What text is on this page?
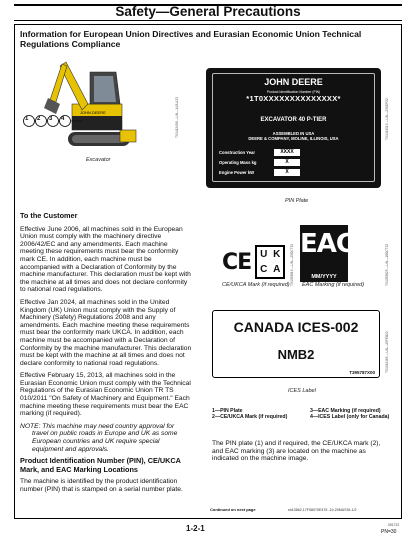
Safety—General Precautions
Information for European Union Directives and Eurasian Economic Union Technical Regulations Compliance
JOHN DEERE
1 2 3 4
Excavator
TX1412458 —UN—14JUL22
JOHN DEERE
Product Identification Number (PIN)
*1T0XXXXXXXXXXXXXX*
EXCAVATOR 40 P-TIER
ASSEMBLED IN USA
DEERE & COMPANY, MOLINE, ILLINOIS, USA
Construction Year	XXXX
Operating Mass kg	X
Engine Power kW	X
PIN Plate
TX1413019 —UN—23SEP22
CE U K
C A
CE/UKCA Mark (if required) TX1353819 —UN—25OCT22 EAC
MM/YYYY
EAC Marking (if required)	TX1353825 —UN—18OCT22
CANADA ICES-002
NMB2
T395787X00
ICES Label
TX1342465 —UN—25FEB22
1—PIN Plate
2—CE/UKCA Mark (if required)
3—EAC Marking (if required)
4—ICES Label (only for Canada)
The PIN plate (1) and if required, the CE/UKCA mark (2), and EAC marking (3) are located on the machine as indicated on the machine image.
To the Customer
Effective June 2006, all machines sold in the European Union must comply with the machinery directive 2006/42/EC and any amendments. Each machine meeting these requirements must bear the conformity mark CE. In addition, each machine must be accompanied with a Declaration of Conformity by the machine manufacturer. This declaration must be kept with the machine at all times and does not declare conformity to national road regulations.
Effective Jan 2024, all machines sold in the United Kingdom (UK) Union must comply with the Supply of Machinery (Safety) Regulations 2008 and any amendments. Each machine meeting these requirements must bear the conformity mark UKCA. In addition, each machine must be accompanied with a Declaration of Conformity by the machine manufacturer. This declaration must be kept with the machine at all times and does not declare conformity to national road regulations.
Effective February 15, 2013, all machines sold in the Eurasian Economic Union must comply with the Technical Regulations of the Eurasian Economic Union TR TS 010/2011 "On Safety of Machinery and Equipment." Each machine meeting these requirements must bear the EAC marking (if required).
NOTE: This machine may need country approval for travel on public roads in Europe and UK as some European countries and UK require special equipment and approvals.
Product Identification Number (PIN), CE/UKCA Mark, and EAC Marking Locations
The machine is identified by the product identification number (PIN) that is stamped on a serial number plate.
Continued on next page	sh10862,17F58070E475 -19-20MAY26-1/2
1-2-1	051722
PN=30
